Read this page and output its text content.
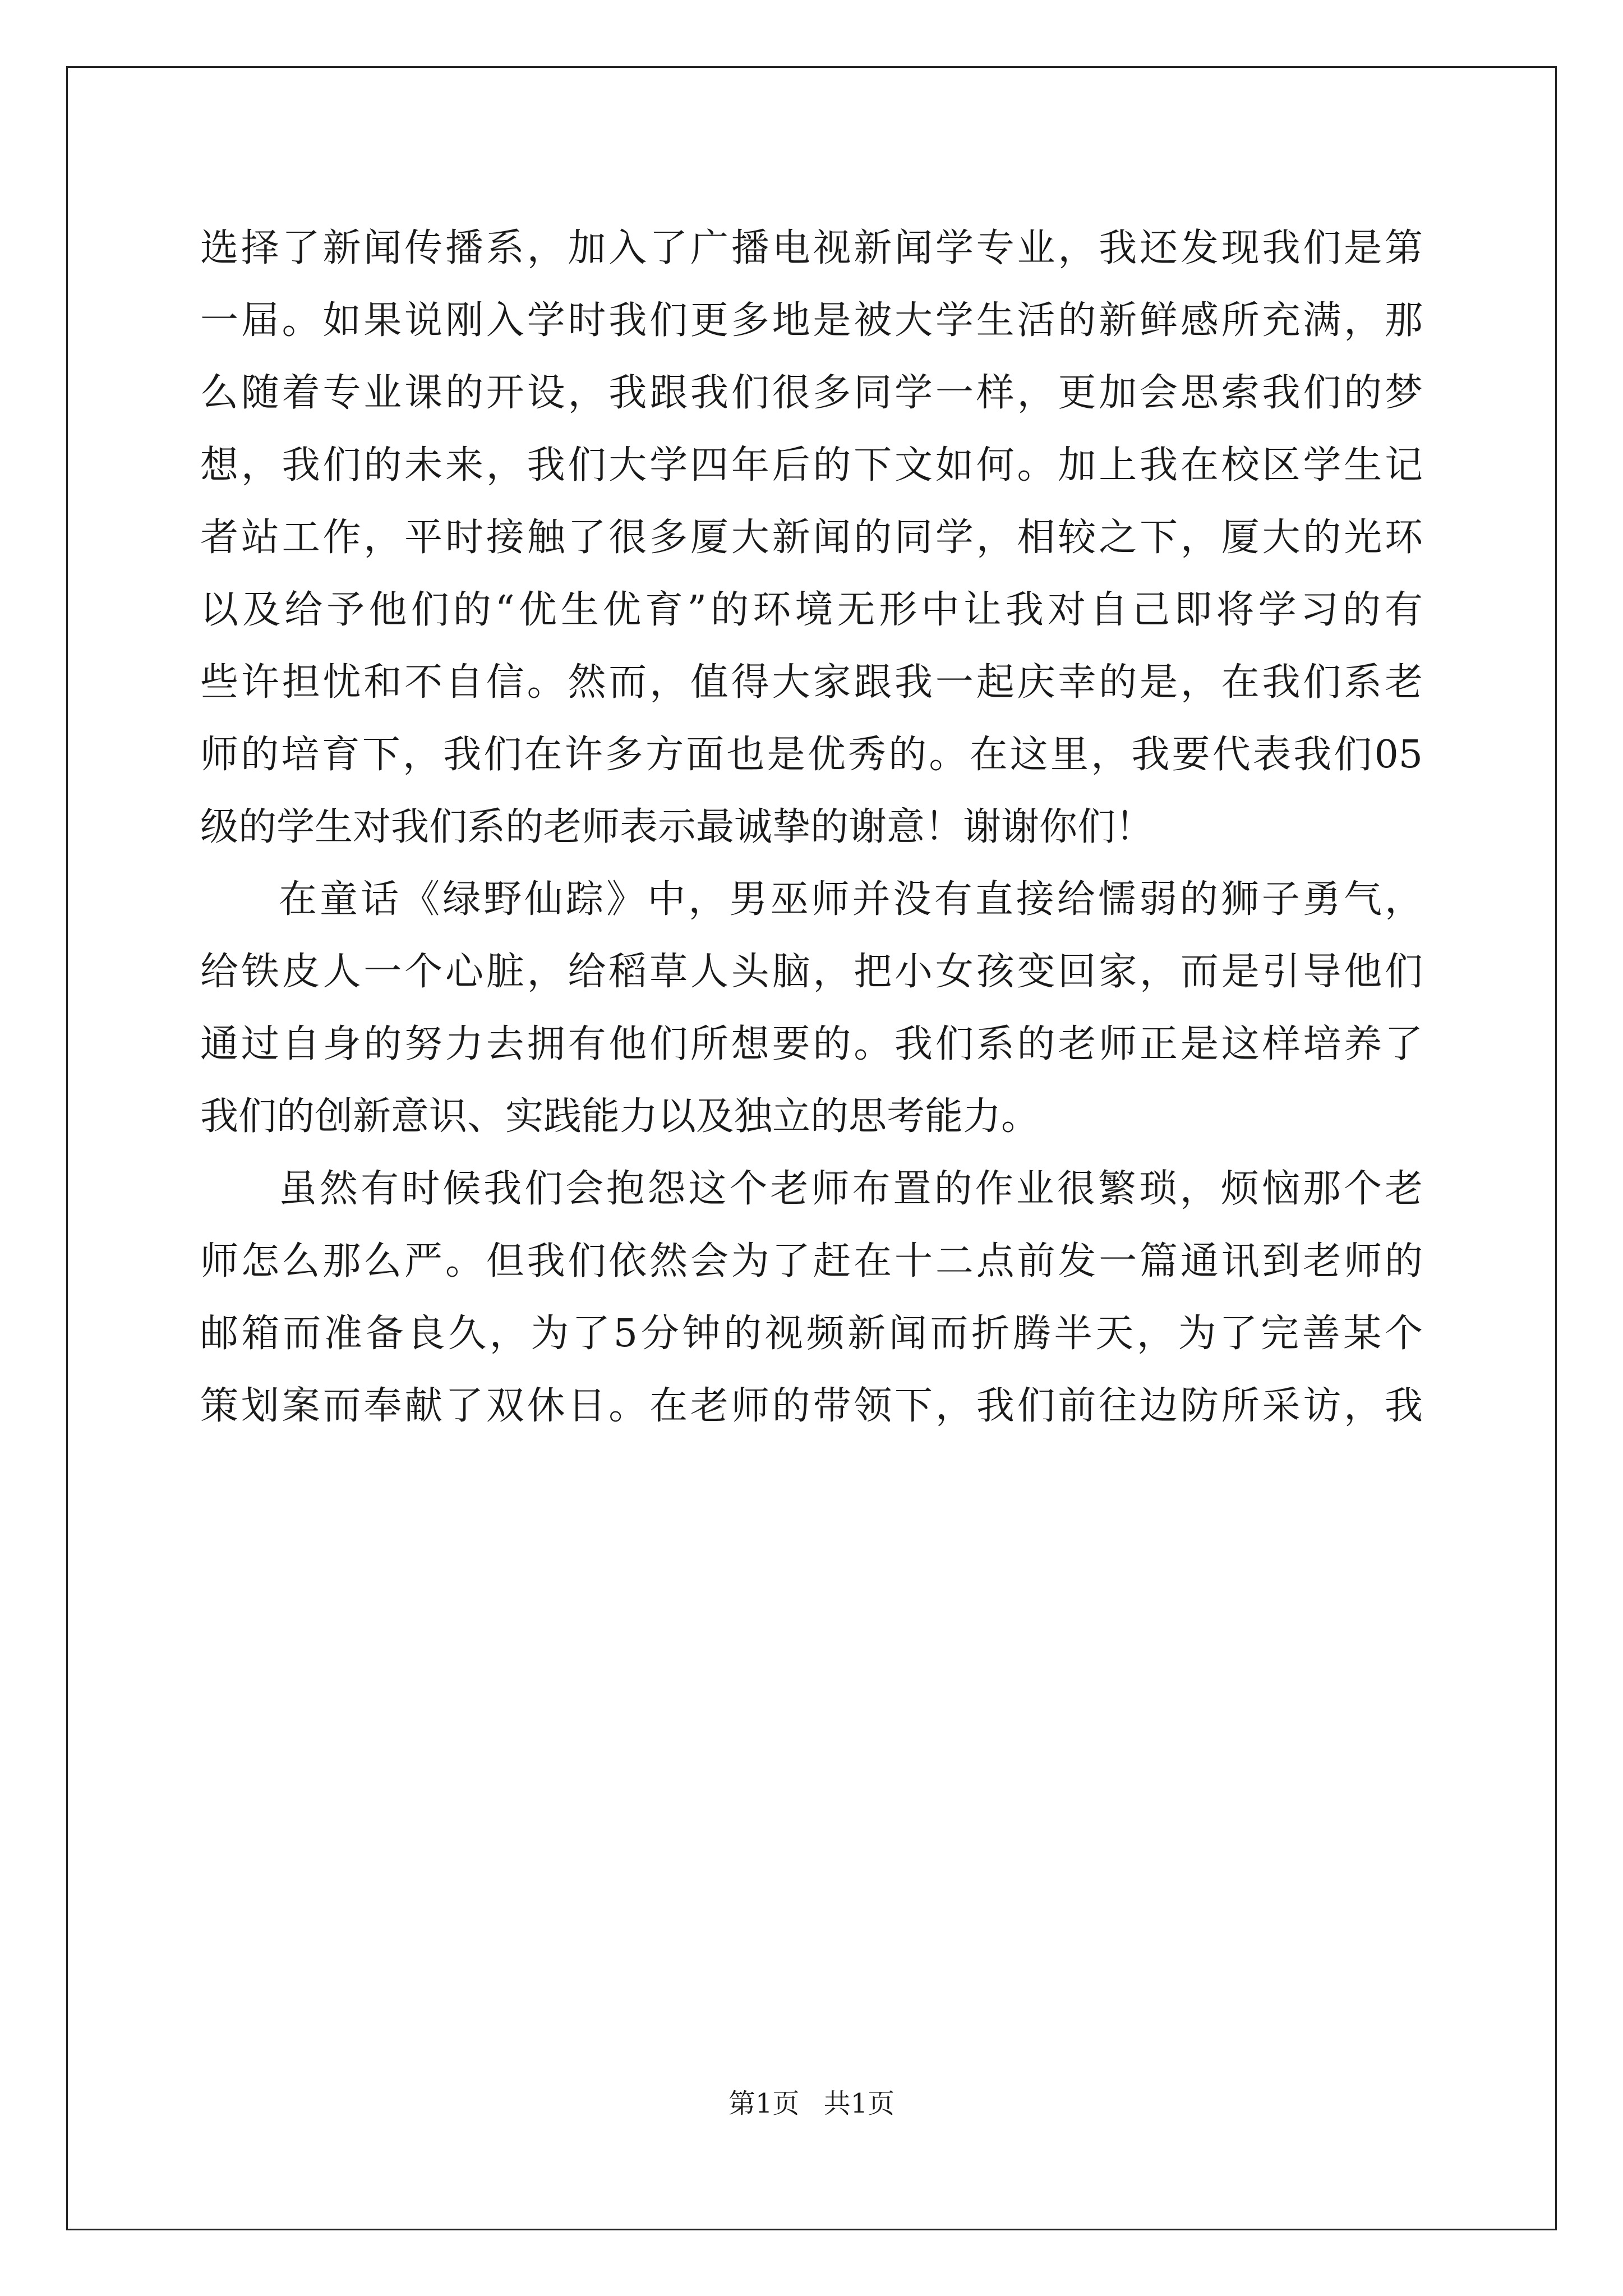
选择了新闻传播系，加入了广播电视新闻学专业，我还发现我们是第
一届。如果说刚入学时我们更多地是被大学生活的新鲜感所充满，那
么随着专业课的开设，我跟我们很多同学一样，更加会思索我们的梦
想，我们的未来，我们大学四年后的下文如何。加上我在校区学生记
者站工作，平时接触了很多厦大新闻的同学，相较之下，厦大的光环
以及给予他们的“优生优育”的环境无形中让我对自己即将学习的有
些许担忧和不自信。然而，值得大家跟我一起庆幸的是，在我们系老
师的培育下，我们在许多方面也是优秀的。在这里，我要代表我们05
级的学生对我们系的老师表示最诚挚的谢意！谢谢你们！
在童话《绿野仙踪》中，男巫师并没有直接给懦弱的狮子勇气，
给铁皮人一个心脏，给稻草人头脑，把小女孩变回家，而是引导他们
通过自身的努力去拥有他们所想要的。我们系的老师正是这样培养了
我们的创新意识、实践能力以及独立的思考能力。
虽然有时候我们会抱怨这个老师布置的作业很繁琐，烦恼那个老
师怎么那么严。但我们依然会为了赶在十二点前发一篇通讯到老师的
邮箱而准备良久，为了5分钟的视频新闻而折腾半天，为了完善某个
策划案而奉献了双休日。在老师的带领下，我们前往边防所采访，我
第1页 共1页
